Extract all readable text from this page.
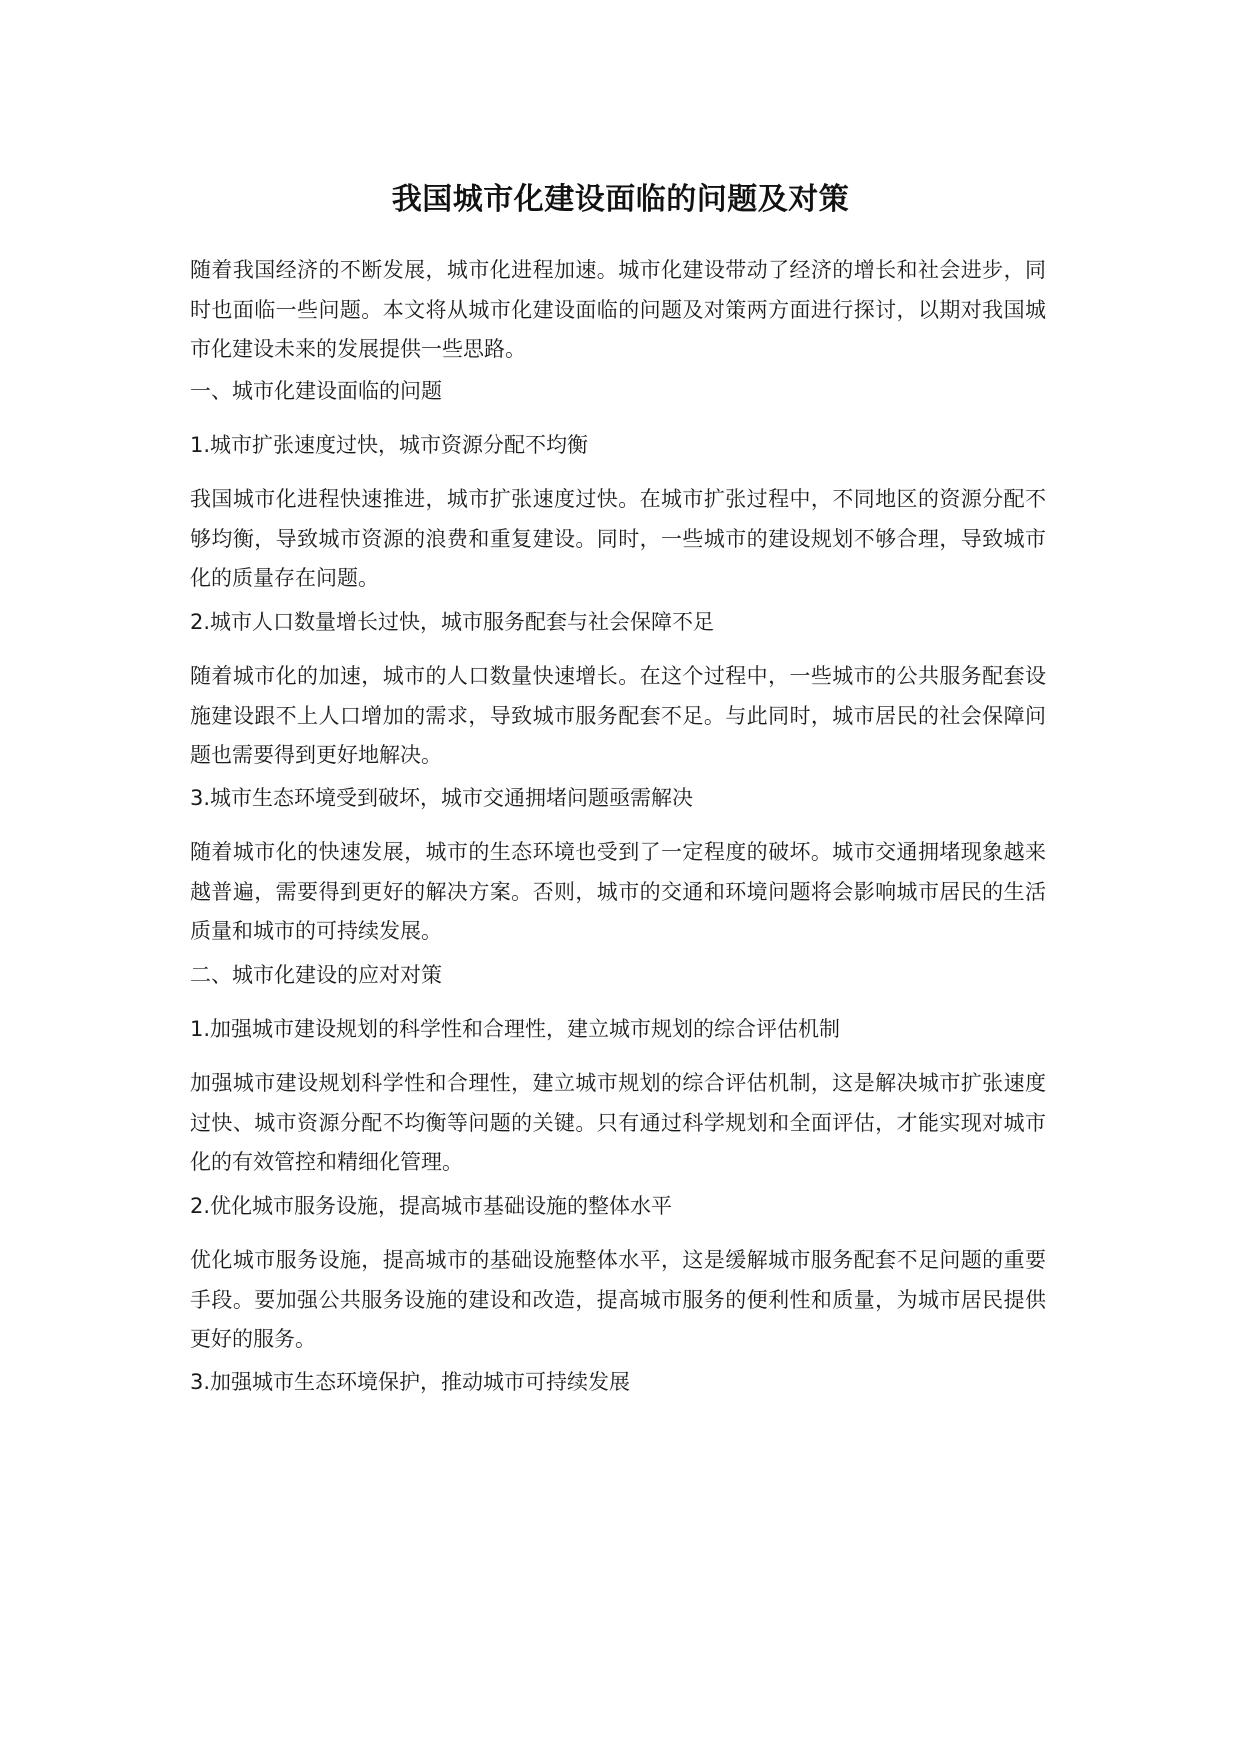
我国城市化建设面临的问题及对策

随着我国经济的不断发展，城市化进程加速。城市化建设带动了经济的增长和社会进步，同时也面临一些问题。本文将从城市化建设面临的问题及对策两方面进行探讨，以期对我国城市化建设未来的发展提供一些思路。

一、城市化建设面临的问题

1.城市扩张速度过快，城市资源分配不均衡

我国城市化进程快速推进，城市扩张速度过快。在城市扩张过程中，不同地区的资源分配不够均衡，导致城市资源的浪费和重复建设。同时，一些城市的建设规划不够合理，导致城市化的质量存在问题。

2.城市人口数量增长过快，城市服务配套与社会保障不足

随着城市化的加速，城市的人口数量快速增长。在这个过程中，一些城市的公共服务配套设施建设跟不上人口增加的需求，导致城市服务配套不足。与此同时，城市居民的社会保障问题也需要得到更好地解决。

3.城市生态环境受到破坏，城市交通拥堵问题亟需解决

随着城市化的快速发展，城市的生态环境也受到了一定程度的破坏。城市交通拥堵现象越来越普遍，需要得到更好的解决方案。否则，城市的交通和环境问题将会影响城市居民的生活质量和城市的可持续发展。

二、城市化建设的应对对策

1.加强城市建设规划的科学性和合理性，建立城市规划的综合评估机制

加强城市建设规划科学性和合理性，建立城市规划的综合评估机制，这是解决城市扩张速度过快、城市资源分配不均衡等问题的关键。只有通过科学规划和全面评估，才能实现对城市化的有效管控和精细化管理。

2.优化城市服务设施，提高城市基础设施的整体水平

优化城市服务设施，提高城市的基础设施整体水平，这是缓解城市服务配套不足问题的重要手段。要加强公共服务设施的建设和改造，提高城市服务的便利性和质量，为城市居民提供更好的服务。

3.加强城市生态环境保护，推动城市可持续发展
